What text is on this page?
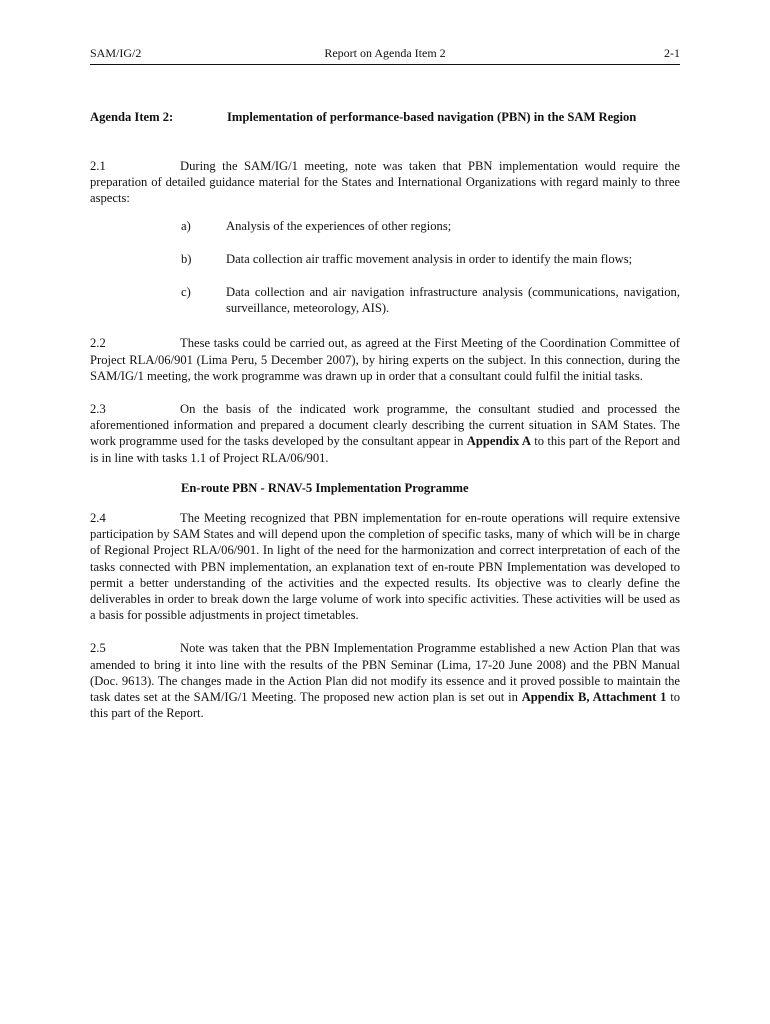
SAM/IG/2	Report on Agenda Item 2	2-1
Agenda Item 2:	Implementation of performance-based navigation (PBN) in the SAM Region

2.1	During the SAM/IG/1 meeting, note was taken that PBN implementation would require the preparation of detailed guidance material for the States and International Organizations with regard mainly to three aspects:

a)	Analysis of the experiences of other regions;
b)	Data collection air traffic movement analysis in order to identify the main flows;
c)	Data collection and air navigation infrastructure analysis (communications, navigation, surveillance, meteorology, AIS).

2.2	These tasks could be carried out, as agreed at the First Meeting of the Coordination Committee of Project RLA/06/901 (Lima Peru, 5 December 2007), by hiring experts on the subject. In this connection, during the SAM/IG/1 meeting, the work programme was drawn up in order that a consultant could fulfil the initial tasks.

2.3	On the basis of the indicated work programme, the consultant studied and processed the aforementioned information and prepared a document clearly describing the current situation in SAM States. The work programme used for the tasks developed by the consultant appear in Appendix A to this part of the Report and is in line with tasks 1.1 of Project RLA/06/901.

En-route PBN - RNAV-5 Implementation Programme

2.4	The Meeting recognized that PBN implementation for en-route operations will require extensive participation by SAM States and will depend upon the completion of specific tasks, many of which will be in charge of Regional Project RLA/06/901. In light of the need for the harmonization and correct interpretation of each of the tasks connected with PBN implementation, an explanation text of en-route PBN Implementation was developed to permit a better understanding of the activities and the expected results. Its objective was to clearly define the deliverables in order to break down the large volume of work into specific activities. These activities will be used as a basis for possible adjustments in project timetables.

2.5	Note was taken that the PBN Implementation Programme established a new Action Plan that was amended to bring it into line with the results of the PBN Seminar (Lima, 17-20 June 2008) and the PBN Manual (Doc. 9613). The changes made in the Action Plan did not modify its essence and it proved possible to maintain the task dates set at the SAM/IG/1 Meeting. The proposed new action plan is set out in Appendix B, Attachment 1 to this part of the Report.
